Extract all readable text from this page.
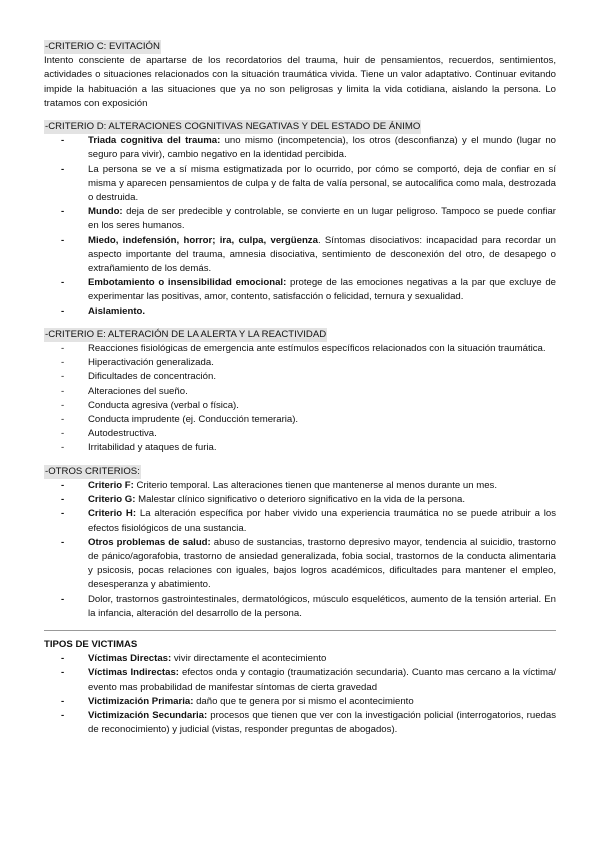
-CRITERIO C: EVITACIÓN

Intento consciente de apartarse de los recordatorios del trauma, huir de pensamientos, recuerdos, sentimientos, actividades o situaciones relacionados con la situación traumática vivida. Tiene un valor adaptativo. Continuar evitando impide la habituación a las situaciones que ya no son peligrosas y limita la vida cotidiana, aislando la persona. Lo tratamos con exposición

-CRITERIO D: ALTERACIONES COGNITIVAS NEGATIVAS Y DEL ESTADO DE ÁNIMO
- Triada cognitiva del trauma: uno mismo (incompetencia), los otros (desconfianza) y el mundo (lugar no seguro para vivir), cambio negativo en la identidad percibida.
- La persona se ve a sí misma estigmatizada por lo ocurrido, por cómo se comportó, deja de confiar en sí misma y aparecen pensamientos de culpa y de falta de valía personal, se autocalifica como mala, destrozada o destruida.
- Mundo: deja de ser predecible y controlable, se convierte en un lugar peligroso. Tampoco se puede confiar en los seres humanos.
- Miedo, indefensión, horror; ira, culpa, vergüenza. Síntomas disociativos: incapacidad para recordar un aspecto importante del trauma, amnesia disociativa, sentimiento de desconexión del otro, de desapego o extrañamiento de los demás.
- Embotamiento o insensibilidad emocional: protege de las emociones negativas a la par que excluye de experimentar las positivas, amor, contento, satisfacción o felicidad, ternura y sexualidad.
- Aislamiento.
-CRITERIO E: ALTERACIÓN DE LA ALERTA Y LA REACTIVIDAD
- Reacciones fisiológicas de emergencia ante estímulos específicos relacionados con la situación traumática.
- Hiperactivación generalizada.
- Dificultades de concentración.
- Alteraciones del sueño.
- Conducta agresiva (verbal o física).
- Conducta imprudente (ej. Conducción temeraria).
- Autodestructiva.
- Irritabilidad y ataques de furia.
-OTROS CRITERIOS:
- Criterio F: Criterio temporal. Las alteraciones tienen que mantenerse al menos durante un mes.
- Criterio G: Malestar clínico significativo o deterioro significativo en la vida de la persona.
- Criterio H: La alteración específica por haber vivido una experiencia traumática no se puede atribuir a los efectos fisiológicos de una sustancia.
- Otros problemas de salud: abuso de sustancias, trastorno depresivo mayor, tendencia al suicidio, trastorno de pánico/agorafobia, trastorno de ansiedad generalizada, fobia social, trastornos de la conducta alimentaria y psicosis, pocas relaciones con iguales, bajos logros académicos, dificultades para mantener el empleo, desesperanza y abatimiento.
- Dolor, trastornos gastrointestinales, dermatológicos, músculo esqueléticos, aumento de la tensión arterial. En la infancia, alteración del desarrollo de la persona.

TIPOS DE VICTIMAS

- Víctimas Directas: vivir directamente el acontecimiento
- Víctimas Indirectas: efectos onda y contagio (traumatización secundaria). Cuanto mas cercano a la víctima/ evento mas probabilidad de manifestar síntomas de cierta gravedad
- Victimización Primaria: daño que te genera por si mismo el acontecimiento
- Victimización Secundaria: procesos que tienen que ver con la investigación policial (interrogatorios, ruedas de reconocimiento) y judicial (vistas, responder preguntas de abogados).
